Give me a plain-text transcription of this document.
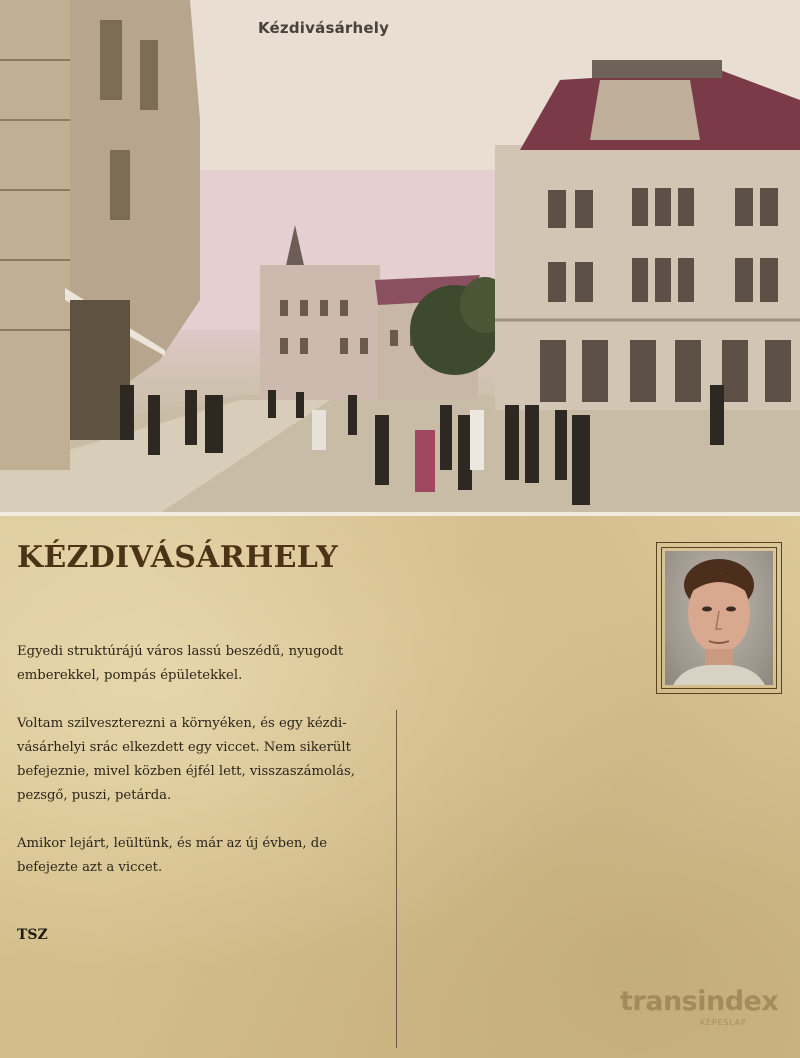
Kézdivásárhely
KÉZDIVÁSÁRHELY

Egyedi struktúrájú város lassú beszédű, nyugodt emberekkel, pompás épületekkel.

Voltam szilveszterezni a környéken, és egy kézdi-vásárhelyi srác elkezdett egy viccet. Nem sikerült befejeznie, mivel közben éjfél lett, visszaszámolás, pezsgő, puszi, petárda.

Amikor lejárt, leültünk, és már az új évben, de befejezte azt a viccet.

TSZ
transindex
KÉPESLAP
